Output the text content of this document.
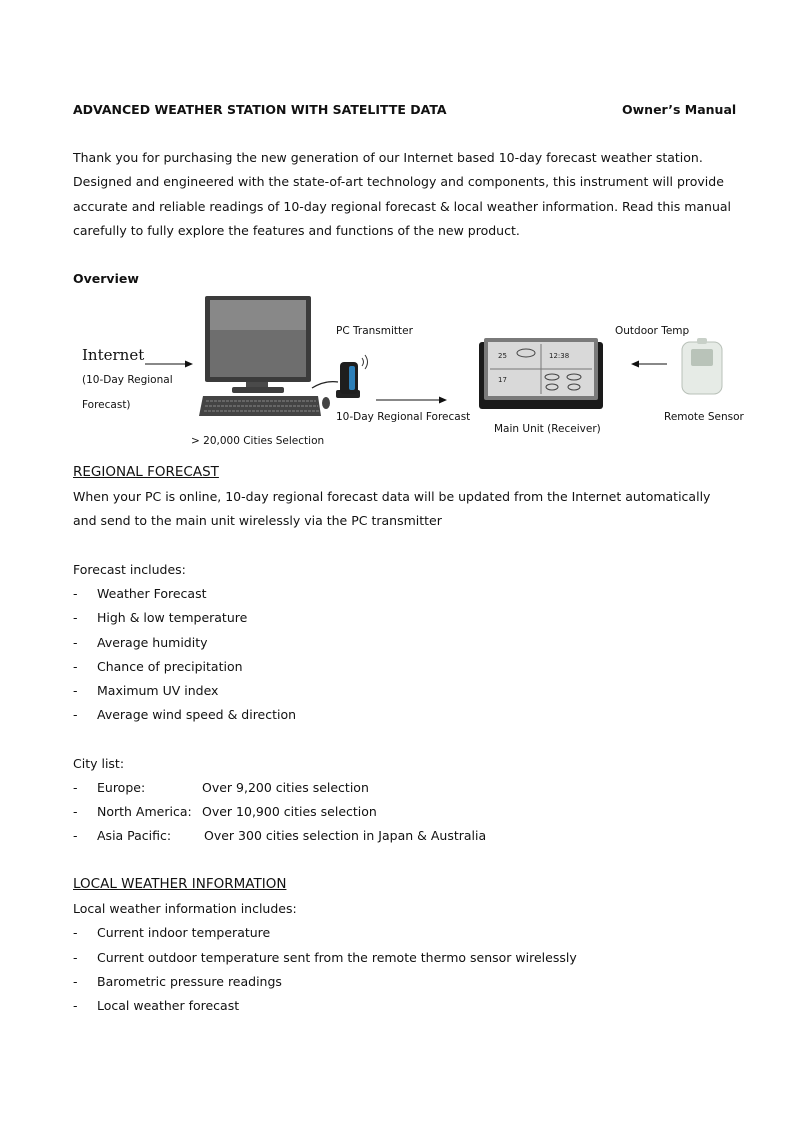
ADVANCED WEATHER STATION WITH SATELITTE DATA	Owner’s Manual
Thank you for purchasing the new generation of our Internet based 10-day forecast weather station. Designed and engineered with the state-of-art technology and components, this instrument will provide accurate and reliable readings of 10-day regional forecast & local weather information. Read this manual carefully to fully explore the features and functions of the new product.
Overview
Internet
(10-Day Regional
Forecast)
25
17
12:38
PC Transmitter
10-Day Regional Forecast
Main Unit (Receiver)
Outdoor Temp
Remote Sensor
> 20,000 Cities Selection
REGIONAL FORECAST
When your PC is online, 10-day regional forecast data will be updated from the Internet automatically and send to the main unit wirelessly via the PC transmitter
Forecast includes:
- Weather Forecast
- High & low temperature
- Average humidity
- Chance of precipitation
- Maximum UV index
- Average wind speed & direction
City list:
- Europe:	Over 9,200 cities selection
- North America: Over 10,900 cities selection
- Asia Pacific:	Over 300 cities selection in Japan & Australia
LOCAL WEATHER INFORMATION
Local weather information includes:
- Current indoor temperature
- Current outdoor temperature sent from the remote thermo sensor wirelessly
- Barometric pressure readings
- Local weather forecast
